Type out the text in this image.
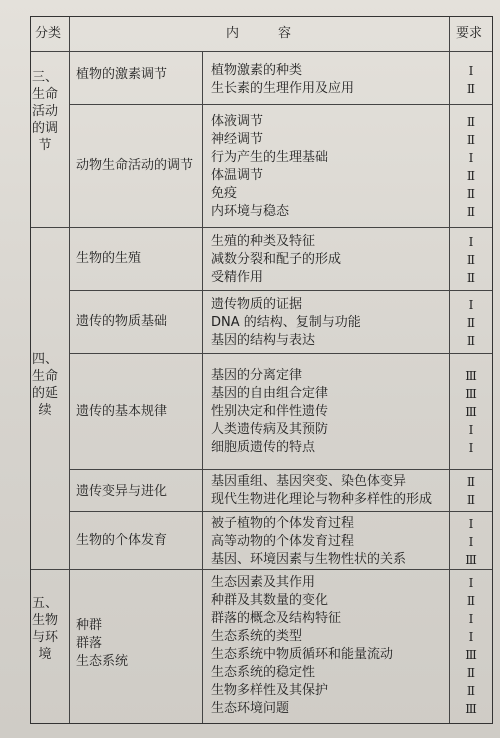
分类	内　　　容	要求
三、生命活动的调节
四、生命的延续
五、生物与环境
植物的激素调节
动物生命活动的调节
生物的生殖
遗传的物质基础
遗传的基本规律
遗传变异与进化
生物的个体发育
种群
群落
生态系统
植物激素的种类
生长素的生理作用及应用
体液调节
神经调节
行为产生的生理基础
体温调节
免疫
内环境与稳态
生殖的种类及特征
减数分裂和配子的形成
受精作用
遗传物质的证据
DNA 的结构、复制与功能
基因的结构与表达
基因的分离定律
基因的自由组合定律
性别决定和伴性遗传
人类遗传病及其预防
细胞质遗传的特点
基因重组、基因突变、染色体变异
现代生物进化理论与物种多样性的形成
被子植物的个体发育过程
高等动物的个体发育过程
基因、环境因素与生物性状的关系
生态因素及其作用
种群及其数量的变化
群落的概念及结构特征
生态系统的类型
生态系统中物质循环和能量流动
生态系统的稳定性
生物多样性及其保护
生态环境问题
Ⅰ
Ⅱ
Ⅱ
Ⅱ
Ⅰ
Ⅱ
Ⅱ
Ⅱ
Ⅰ
Ⅱ
Ⅱ
Ⅰ
Ⅱ
Ⅱ
Ⅲ
Ⅲ
Ⅲ
Ⅰ
Ⅰ
Ⅱ
Ⅱ
Ⅰ
Ⅰ
Ⅲ
Ⅰ
Ⅱ
Ⅰ
Ⅰ
Ⅲ
Ⅱ
Ⅱ
Ⅲ
